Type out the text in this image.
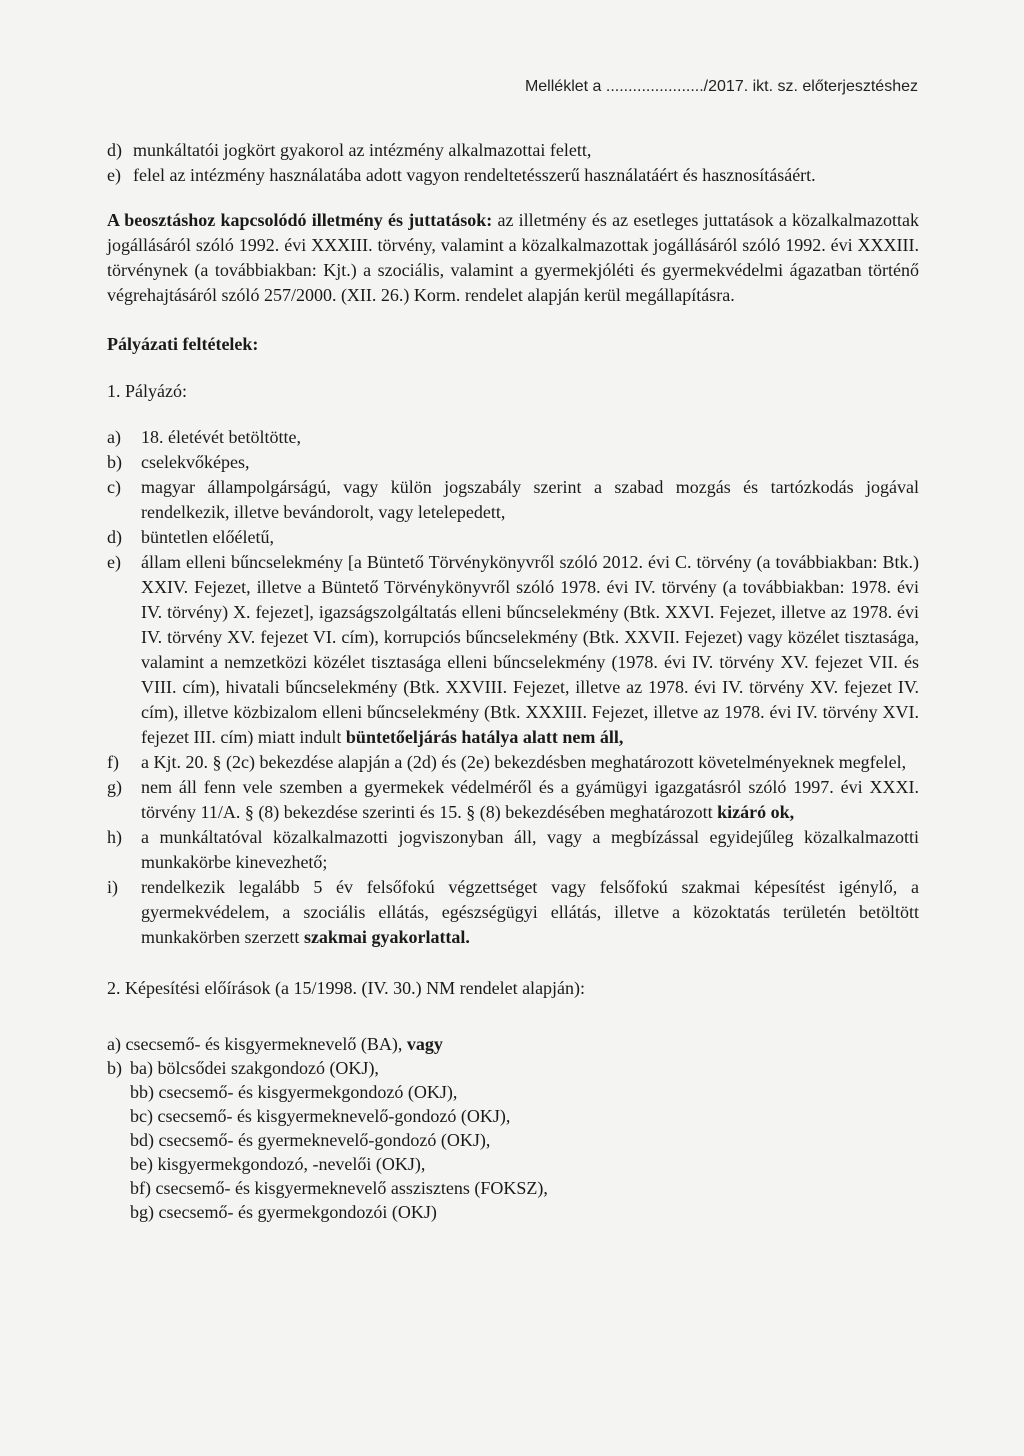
Melléklet a ....................../2017. ikt. sz. előterjesztéshez
d) munkáltatói jogkört gyakorol az intézmény alkalmazottai felett,
e) felel az intézmény használatába adott vagyon rendeltetésszerű használatáért és hasznosításáért.

A beosztáshoz kapcsolódó illetmény és juttatások: az illetmény és az esetleges juttatások a közalkalmazottak jogállásáról szóló 1992. évi XXXIII. törvény, valamint a közalkalmazottak jogállásáról szóló 1992. évi XXXIII. törvénynek (a továbbiakban: Kjt.) a szociális, valamint a gyermekjóléti és gyermekvédelmi ágazatban történő végrehajtásáról szóló 257/2000. (XII. 26.) Korm. rendelet alapján kerül megállapításra.

Pályázati feltételek:

1. Pályázó:

a)	18. életévét betöltötte,
b)	cselekvőképes,
c)	magyar állampolgárságú, vagy külön jogszabály szerint a szabad mozgás és tartózkodás jogával rendelkezik, illetve bevándorolt, vagy letelepedett,
d)	büntetlen előéletű,
e)	állam elleni bűncselekmény [a Büntető Törvénykönyvről szóló 2012. évi C. törvény (a továbbiakban: Btk.) XXIV. Fejezet, illetve a Büntető Törvénykönyvről szóló 1978. évi IV. törvény (a továbbiakban: 1978. évi IV. törvény) X. fejezet], igazságszolgáltatás elleni bűncselekmény (Btk. XXVI. Fejezet, illetve az 1978. évi IV. törvény XV. fejezet VI. cím), korrupciós bűncselekmény (Btk. XXVII. Fejezet) vagy közélet tisztasága, valamint a nemzetközi közélet tisztasága elleni bűncselekmény (1978. évi IV. törvény XV. fejezet VII. és VIII. cím), hivatali bűncselekmény (Btk. XXVIII. Fejezet, illetve az 1978. évi IV. törvény XV. fejezet IV. cím), illetve közbizalom elleni bűncselekmény (Btk. XXXIII. Fejezet, illetve az 1978. évi IV. törvény XVI. fejezet III. cím) miatt indult büntetőeljárás hatálya alatt nem áll,
f)	a Kjt. 20. § (2c) bekezdése alapján a (2d) és (2e) bekezdésben meghatározott követelményeknek megfelel,
g)	nem áll fenn vele szemben a gyermekek védelméről és a gyámügyi igazgatásról szóló 1997. évi XXXI. törvény 11/A. § (8) bekezdése szerinti és 15. § (8) bekezdésében meghatározott kizáró ok,
h)	a munkáltatóval közalkalmazotti jogviszonyban áll, vagy a megbízással egyidejűleg közalkalmazotti munkakörbe kinevezhető;
i)	rendelkezik legalább 5 év felsőfokú végzettséget vagy felsőfokú szakmai képesítést igénylő, a gyermekvédelem, a szociális ellátás, egészségügyi ellátás, illetve a közoktatás területén betöltött munkakörben szerzett szakmai gyakorlattal.

2. Képesítési előírások (a 15/1998. (IV. 30.) NM rendelet alapján):

a) csecsemő- és kisgyermeknevelő (BA), vagy
b) ba) bölcsődei szakgondozó (OKJ),
bb) csecsemő- és kisgyermekgondozó (OKJ),
bc) csecsemő- és kisgyermeknevelő-gondozó (OKJ),
bd) csecsemő- és gyermeknevelő-gondozó (OKJ),
be) kisgyermekgondozó, -nevelői (OKJ),
bf) csecsemő- és kisgyermeknevelő asszisztens (FOKSZ),
bg) csecsemő- és gyermekgondozói (OKJ)
